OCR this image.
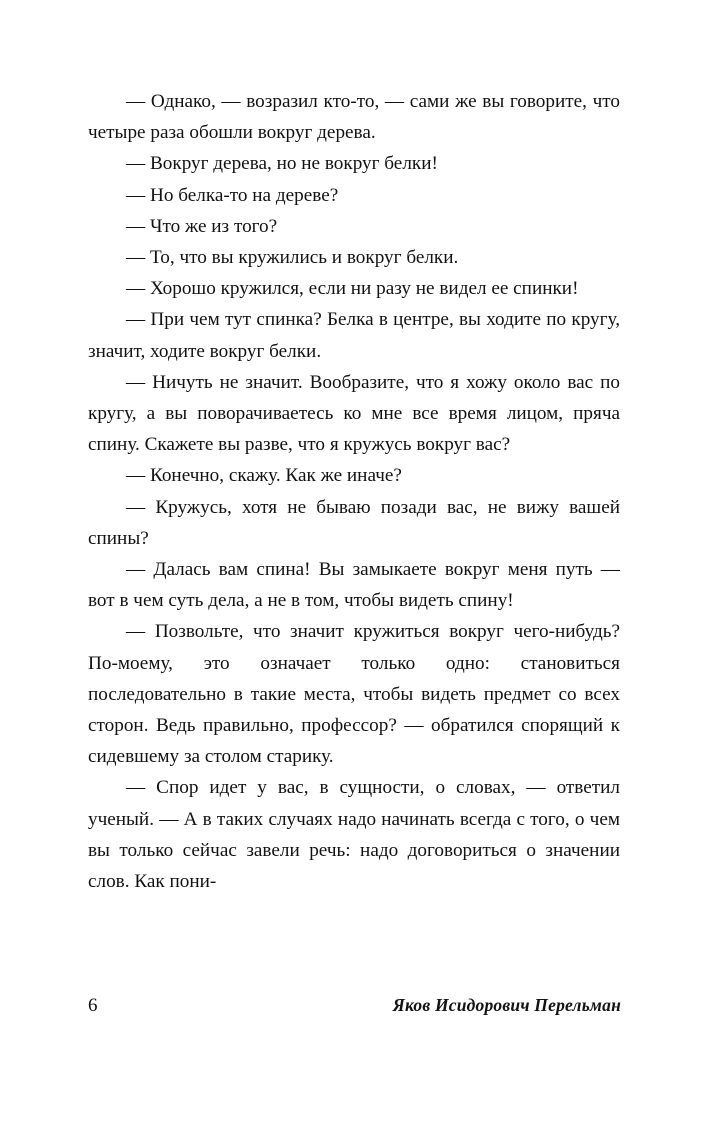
— Однако, — возразил кто-то, — сами же вы говорите, что четыре раза обошли вокруг дерева.

— Вокруг дерева, но не вокруг белки!

— Но белка-то на дереве?

— Что же из того?

— То, что вы кружились и вокруг белки.

— Хорошо кружился, если ни разу не видел ее спинки!

— При чем тут спинка? Белка в центре, вы ходите по кругу, значит, ходите вокруг белки.

— Ничуть не значит. Вообразите, что я хожу около вас по кругу, а вы поворачиваетесь ко мне все время лицом, пряча спину. Скажете вы разве, что я кружусь вокруг вас?

— Конечно, скажу. Как же иначе?

— Кружусь, хотя не бываю позади вас, не вижу вашей спины?

— Далась вам спина! Вы замыкаете вокруг меня путь — вот в чем суть дела, а не в том, чтобы видеть спину!

— Позвольте, что значит кружиться вокруг чего-нибудь? По-моему, это означает только одно: становиться последовательно в такие места, чтобы видеть предмет со всех сторон. Ведь правильно, профессор? — обратился спорящий к сидевшему за столом старику.

— Спор идет у вас, в сущности, о словах, — ответил ученый. — А в таких случаях надо начинать всегда с того, о чем вы только сейчас завели речь: надо договориться о значении слов. Как пони-

6	Яков Исидорович Перельман
